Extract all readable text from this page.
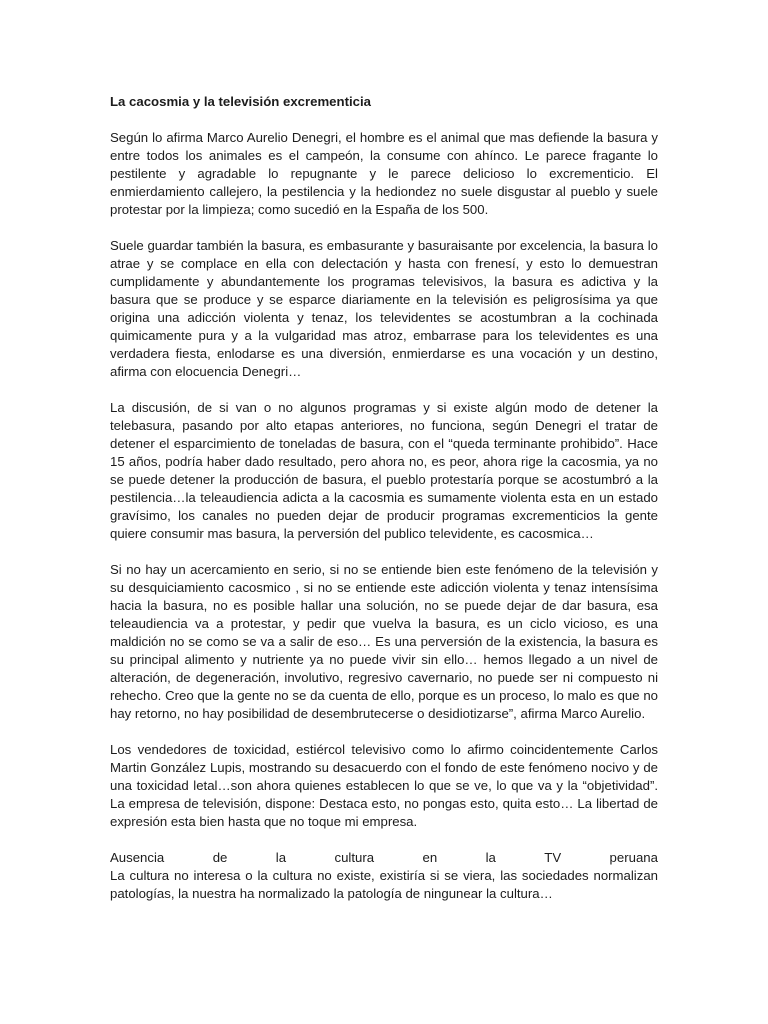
La cacosmia y la televisión excrementicia

Según lo afirma Marco Aurelio Denegri, el hombre es el animal que mas defiende la basura y entre todos los animales es el campeón, la consume con ahínco. Le parece fragante lo pestilente y agradable lo repugnante y le parece delicioso lo excrementicio. El enmierdamiento callejero, la pestilencia y la hediondez no suele disgustar al pueblo y suele protestar por la limpieza; como sucedió en la España de los 500.

Suele guardar también la basura, es embasurante y basuraisante por excelencia, la basura lo atrae y se complace en ella con delectación y hasta con frenesí, y esto lo demuestran cumplidamente y abundantemente los programas televisivos, la basura es adictiva y la basura que se produce y se esparce diariamente en la televisión es peligrosísima ya que origina una adicción violenta y tenaz, los televidentes se acostumbran a la cochinada quimicamente pura y a la vulgaridad mas atroz, embarrase para los televidentes es una verdadera fiesta, enlodarse es una diversión, enmierdarse es una vocación y un destino, afirma con elocuencia Denegri…

La discusión, de si van o no algunos programas y si existe algún modo de detener la telebasura, pasando por alto etapas anteriores, no funciona, según Denegri el tratar de detener el esparcimiento de toneladas de basura, con el “queda terminante prohibido”. Hace 15 años, podría haber dado resultado, pero ahora no, es peor, ahora rige la cacosmia, ya no se puede detener la producción de basura, el pueblo protestaría porque se acostumbró a la pestilencia…la teleaudiencia adicta a la cacosmia es sumamente violenta esta en un estado gravísimo, los canales no pueden dejar de producir programas excrementicios la gente quiere consumir mas basura, la perversión del publico televidente, es cacosmica…

Si no hay un acercamiento en serio, si no se entiende bien este fenómeno de la televisión y su desquiciamiento cacosmico , si no se entiende este adicción violenta y tenaz intensísima hacia la basura, no es posible hallar una solución, no se puede dejar de dar basura, esa teleaudiencia va a protestar, y pedir que vuelva la basura, es un ciclo vicioso, es una maldición no se como se va a salir de eso… Es una perversión de la existencia, la basura es su principal alimento y nutriente ya no puede vivir sin ello… hemos llegado a un nivel de alteración, de degeneración, involutivo, regresivo cavernario, no puede ser ni compuesto ni rehecho. Creo que la gente no se da cuenta de ello, porque es un proceso, lo malo es que no hay retorno, no hay posibilidad de desembrutecerse o desidiotizarse”, afirma Marco Aurelio.

Los vendedores de toxicidad, estiércol televisivo como lo afirmo coincidentemente Carlos Martin González Lupis, mostrando su desacuerdo con el fondo de este fenómeno nocivo y de una toxicidad letal…son ahora quienes establecen lo que se ve, lo que va y la “objetividad”. La empresa de televisión, dispone: Destaca esto, no pongas esto, quita esto… La libertad de expresión esta bien hasta que no toque mi empresa.

Ausencia	de	la	cultura	en	la	TV	peruana

La cultura no interesa o la cultura no existe, existiría si se viera, las sociedades normalizan patologías, la nuestra ha normalizado la patología de ningunear la cultura…
